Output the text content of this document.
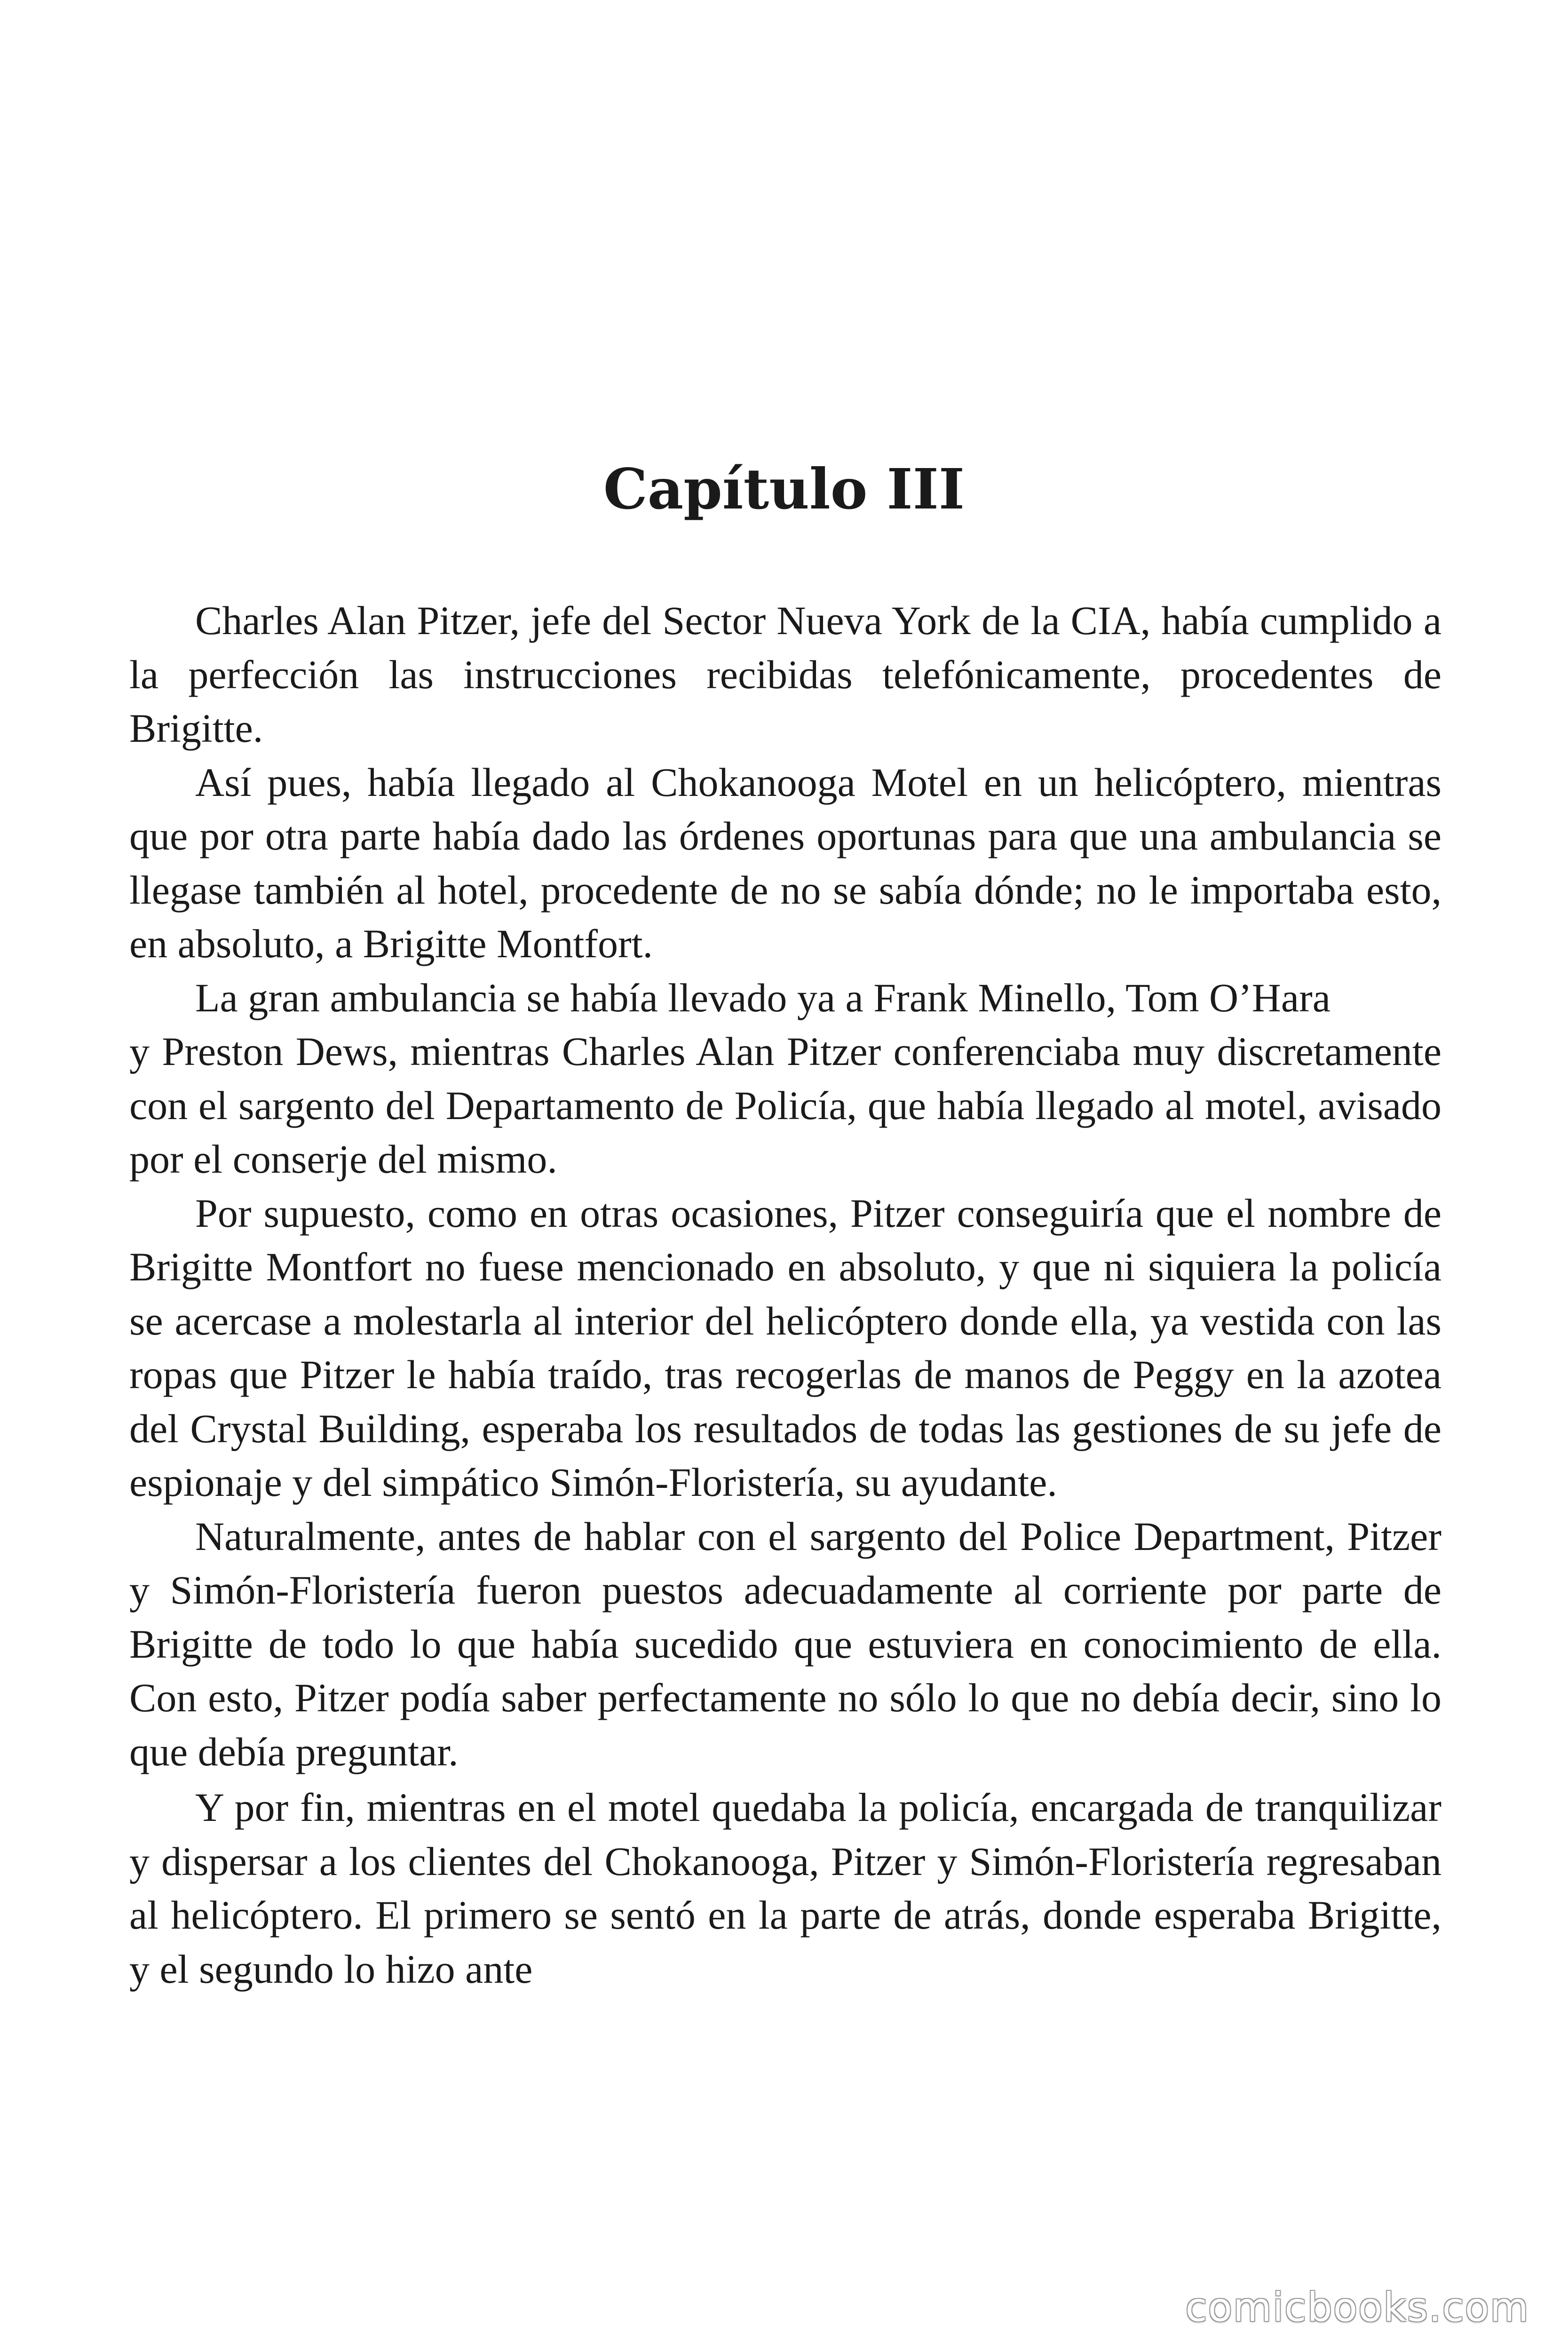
Capítulo III

Charles Alan Pitzer, jefe del Sector Nueva York de la CIA, había cumplido a la perfección las instrucciones recibidas telefónicamente, procedentes de Brigitte.

Así pues, había llegado al Chokanooga Motel en un helicóptero, mientras que por otra parte había dado las órdenes oportunas para que una ambulancia se llegase también al hotel, procedente de no se sabía dónde; no le importaba esto, en absoluto, a Brigitte Montfort.

La gran ambulancia se había llevado ya a Frank Minello, Tom O’Hara

y Preston Dews, mientras Charles Alan Pitzer conferenciaba muy discretamente con el sargento del Departamento de Policía, que había llegado al motel, avisado por el conserje del mismo.

Por supuesto, como en otras ocasiones, Pitzer conseguiría que el nombre de Brigitte Montfort no fuese mencionado en absoluto, y que ni siquiera la policía se acercase a molestarla al interior del helicóptero donde ella, ya vestida con las ropas que Pitzer le había traído, tras recogerlas de manos de Peggy en la azotea del Crystal Building, esperaba los resultados de todas las gestiones de su jefe de espionaje y del simpático Simón-Floristería, su ayudante.

Naturalmente, antes de hablar con el sargento del Police Department, Pitzer y Simón-Floristería fueron puestos adecuadamente al corriente por parte de Brigitte de todo lo que había sucedido que estuviera en conocimiento de ella. Con esto, Pitzer podía saber perfectamente no sólo lo que no debía decir, sino lo que debía preguntar.

Y por fin, mientras en el motel quedaba la policía, encargada de tranquilizar y dispersar a los clientes del Chokanooga, Pitzer y Simón-Floristería regresaban al helicóptero. El primero se sentó en la parte de atrás, donde esperaba Brigitte, y el segundo lo hizo ante

comicbooks.com
